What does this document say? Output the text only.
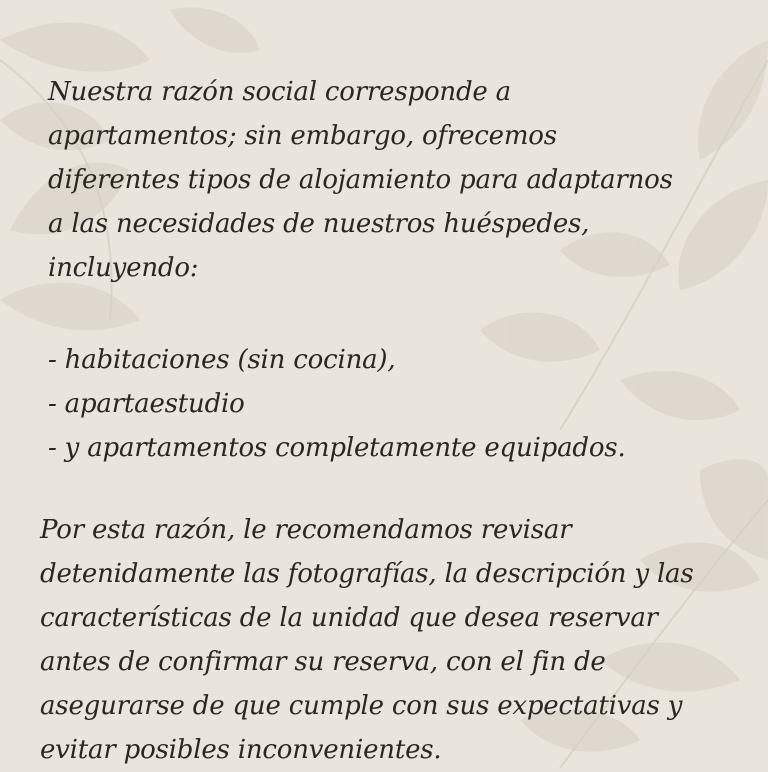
Nuestra razón social corresponde a
apartamentos; sin embargo, ofrecemos
diferentes tipos de alojamiento para adaptarnos
a las necesidades de nuestros huéspedes,
incluyendo:
- habitaciones (sin cocina),
- apartaestudio
- y apartamentos completamente equipados.
Por esta razón, le recomendamos revisar
detenidamente las fotografías, la descripción y las
características de la unidad que desea reservar
antes de confirmar su reserva, con el fin de
asegurarse de que cumple con sus expectativas y
evitar posibles inconvenientes.
